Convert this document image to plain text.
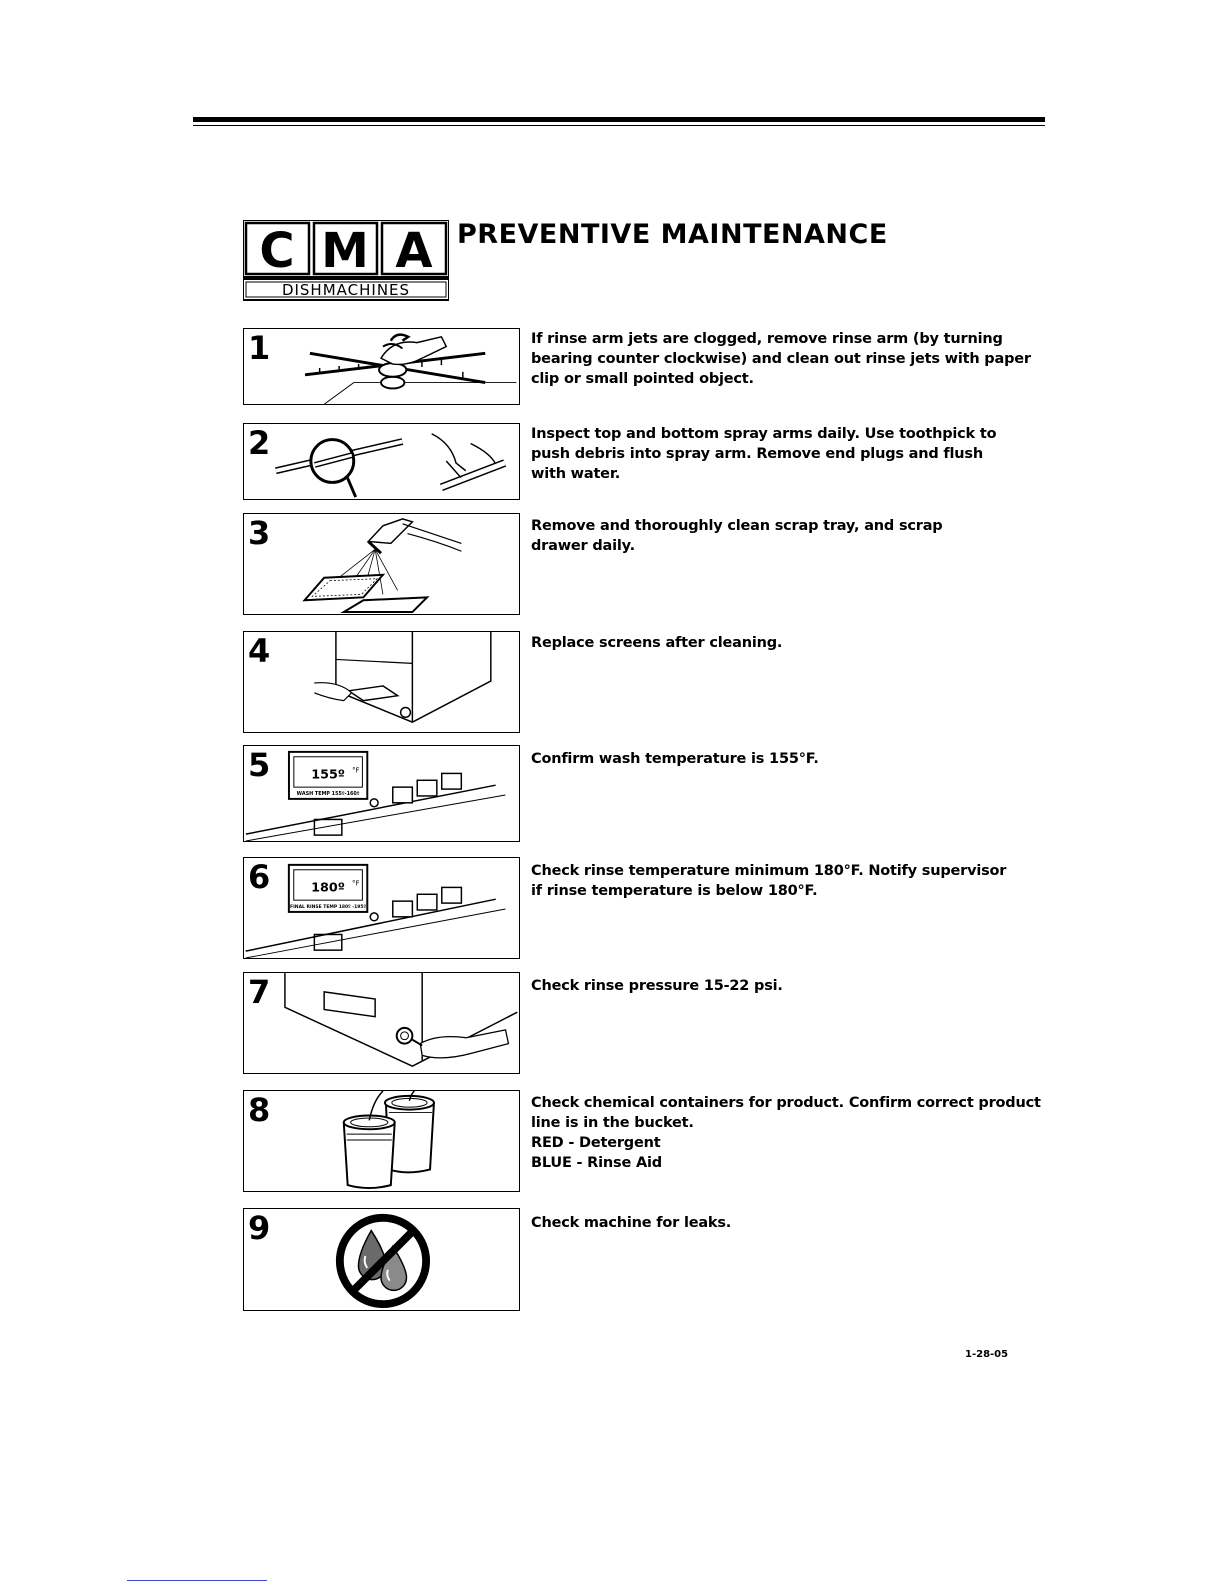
C M A
DISHMACHINES
PREVENTIVE MAINTENANCE
1	If rinse arm jets are clogged, remove rinse arm (by turning
bearing counter clockwise) and clean out rinse jets with paper
clip or small pointed object.
2	Inspect top and bottom spray arms daily. Use toothpick to
push debris into spray arm. Remove end plugs and flush
with water.
3	Remove and thoroughly clean scrap tray, and scrap
drawer daily.
4	Replace screens after cleaning.
5	155º °F
WASH TEMP 155º-160º
Confirm wash temperature is 155°F.
6	180º °F
FINAL RINSE TEMP 180º -195º
Check rinse temperature minimum 180°F. Notify supervisor
if rinse temperature is below 180°F.
7	Check rinse pressure 15-22 psi.
8	Check chemical containers for product. Confirm correct product
line is in the bucket.
RED - Detergent
BLUE - Rinse Aid
9	Check machine for leaks.
1-28-05
